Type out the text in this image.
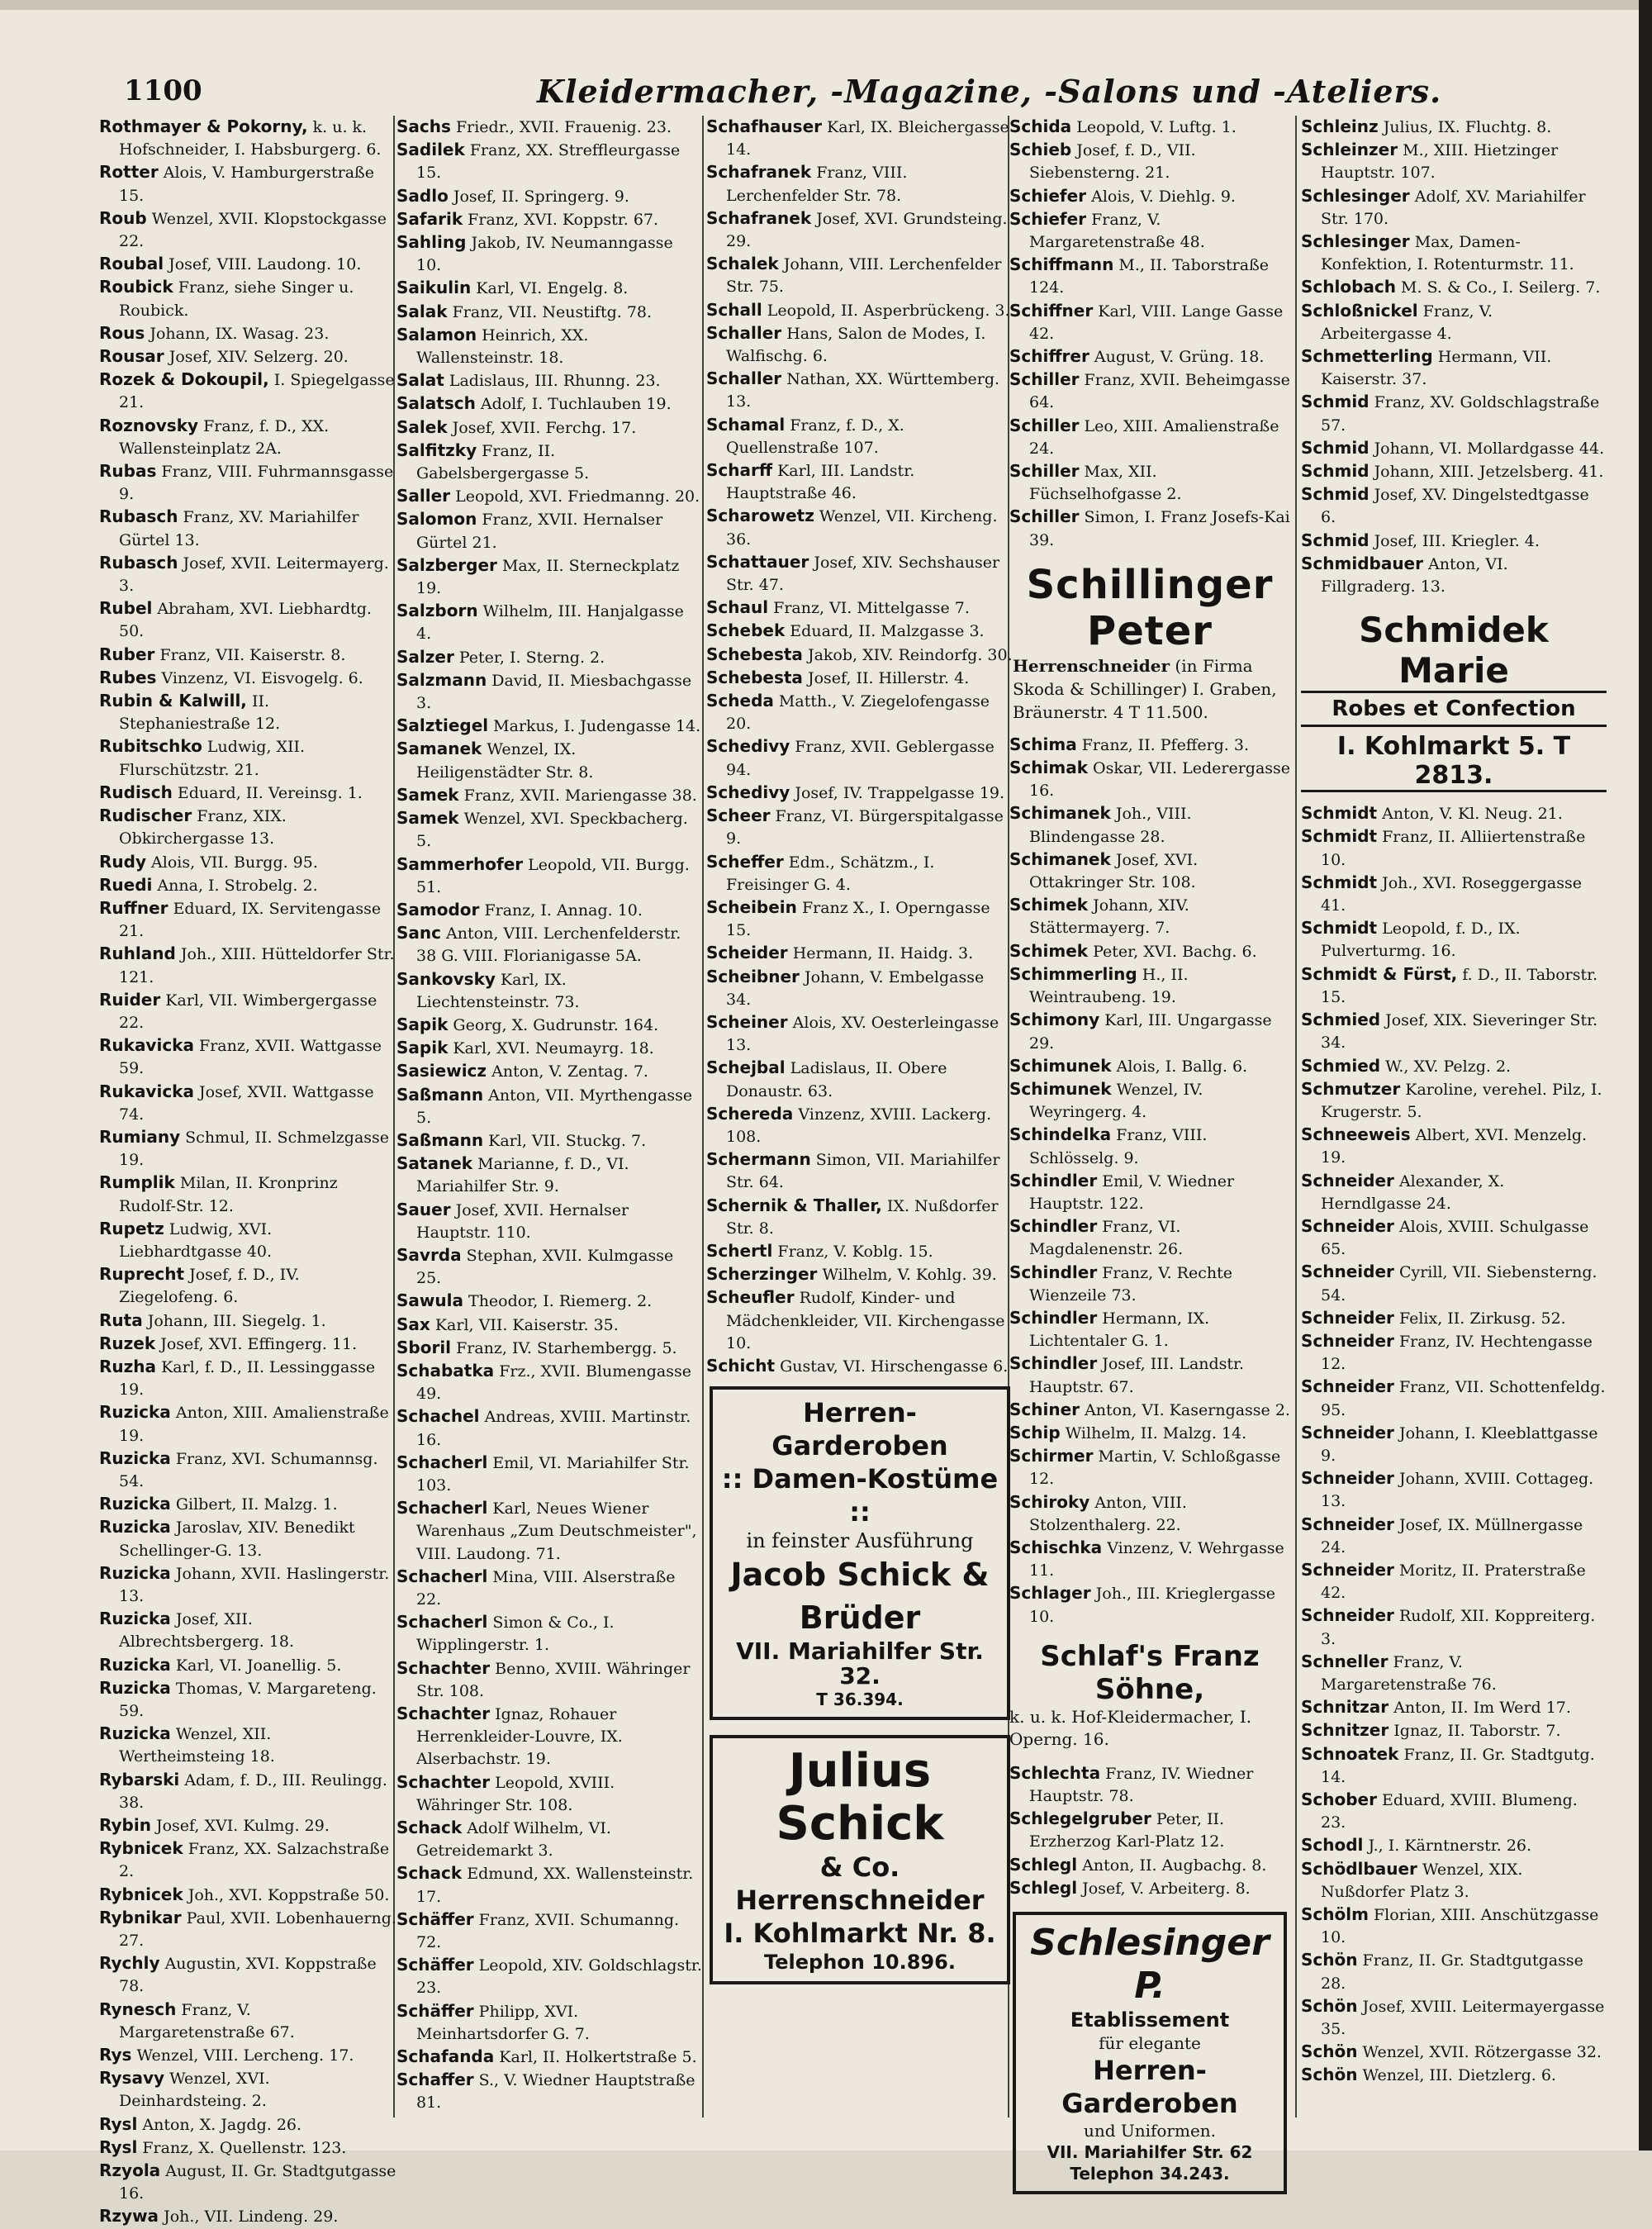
1100	Kleidermacher, -Magazine, -Salons und -Ateliers.
Rothmayer & Pokorny, k. u. k. Hofschneider, I. Habsburgerg. 6.
Rotter Alois, V. Hamburgerstraße 15.
Roub Wenzel, XVII. Klopstockgasse 22.
Roubal Josef, VIII. Laudong. 10.
Roubick Franz, siehe Singer u. Roubick.
Rous Johann, IX. Wasag. 23.
Rousar Josef, XIV. Selzerg. 20.
Rozek & Dokoupil, I. Spiegelgasse 21.
Roznovsky Franz, f. D., XX. Wallensteinplatz 2A.
Rubas Franz, VIII. Fuhrmannsgasse 9.
Rubasch Franz, XV. Mariahilfer Gürtel 13.
Rubasch Josef, XVII. Leitermayerg. 3.
Rubel Abraham, XVI. Liebhardtg. 50.
Ruber Franz, VII. Kaiserstr. 8.
Rubes Vinzenz, VI. Eisvogelg. 6.
Rubin & Kalwill, II. Stephaniestraße 12.
Rubitschko Ludwig, XII. Flurschützstr. 21.
Rudisch Eduard, II. Vereinsg. 1.
Rudischer Franz, XIX. Obkirchergasse 13.
Rudy Alois, VII. Burgg. 95.
Ruedi Anna, I. Strobelg. 2.
Ruffner Eduard, IX. Servitengasse 21.
Ruhland Joh., XIII. Hütteldorfer Str. 121.
Ruider Karl, VII. Wimbergergasse 22.
Rukavicka Franz, XVII. Wattgasse 59.
Rukavicka Josef, XVII. Wattgasse 74.
Rumiany Schmul, II. Schmelzgasse 19.
Rumplik Milan, II. Kronprinz Rudolf-Str. 12.
Rupetz Ludwig, XVI. Liebhardtgasse 40.
Ruprecht Josef, f. D., IV. Ziegelofeng. 6.
Ruta Johann, III. Siegelg. 1.
Ruzek Josef, XVI. Effingerg. 11.
Ruzha Karl, f. D., II. Lessinggasse 19.
Ruzicka Anton, XIII. Amalienstraße 19.
Ruzicka Franz, XVI. Schumannsg. 54.
Ruzicka Gilbert, II. Malzg. 1.
Ruzicka Jaroslav, XIV. Benedikt Schellinger-G. 13.
Ruzicka Johann, XVII. Haslingerstr. 13.
Ruzicka Josef, XII. Albrechtsbergerg. 18.
Ruzicka Karl, VI. Joanellig. 5.
Ruzicka Thomas, V. Margareteng. 59.
Ruzicka Wenzel, XII. Wertheimsteing 18.
Rybarski Adam, f. D., III. Reulingg. 38.
Rybin Josef, XVI. Kulmg. 29.
Rybnicek Franz, XX. Salzachstraße 2.
Rybnicek Joh., XVI. Koppstraße 50.
Rybnikar Paul, XVII. Lobenhauerng. 27.
Rychly Augustin, XVI. Koppstraße 78.
Rynesch Franz, V. Margaretenstraße 67.
Rys Wenzel, VIII. Lercheng. 17.
Rysavy Wenzel, XVI. Deinhardsteing. 2.
Rysl Anton, X. Jagdg. 26.
Rysl Franz, X. Quellenstr. 123.
Rzyola August, II. Gr. Stadtgutgasse 16.
Rzywa Joh., VII. Lindeng. 29.
Sachs Friedr., XVII. Frauenig. 23.
Sadilek Franz, XX. Streffleurgasse 15.
Sadlo Josef, II. Springerg. 9.
Safarik Franz, XVI. Koppstr. 67.
Sahling Jakob, IV. Neumanngasse 10.
Saikulin Karl, VI. Engelg. 8.
Salak Franz, VII. Neustiftg. 78.
Salamon Heinrich, XX. Wallensteinstr. 18.
Salat Ladislaus, III. Rhunng. 23.
Salatsch Adolf, I. Tuchlauben 19.
Salek Josef, XVII. Ferchg. 17.
Salfitzky Franz, II. Gabelsbergergasse 5.
Saller Leopold, XVI. Friedmanng. 20.
Salomon Franz, XVII. Hernalser Gürtel 21.
Salzberger Max, II. Sterneckplatz 19.
Salzborn Wilhelm, III. Hanjalgasse 4.
Salzer Peter, I. Sterng. 2.
Salzmann David, II. Miesbachgasse 3.
Salztiegel Markus, I. Judengasse 14.
Samanek Wenzel, IX. Heiligenstädter Str. 8.
Samek Franz, XVII. Mariengasse 38.
Samek Wenzel, XVI. Speckbacherg. 5.
Sammerhofer Leopold, VII. Burgg. 51.
Samodor Franz, I. Annag. 10.
Sanc Anton, VIII. Lerchenfelderstr. 38 G. VIII. Florianigasse 5A.
Sankovsky Karl, IX. Liechtensteinstr. 73.
Sapik Georg, X. Gudrunstr. 164.
Sapik Karl, XVI. Neumayrg. 18.
Sasiewicz Anton, V. Zentag. 7.
Saßmann Anton, VII. Myrthengasse 5.
Saßmann Karl, VII. Stuckg. 7.
Satanek Marianne, f. D., VI. Mariahilfer Str. 9.
Sauer Josef, XVII. Hernalser Hauptstr. 110.
Savrda Stephan, XVII. Kulmgasse 25.
Sawula Theodor, I. Riemerg. 2.
Sax Karl, VII. Kaiserstr. 35.
Sboril Franz, IV. Starhembergg. 5.
Schabatka Frz., XVII. Blumengasse 49.
Schachel Andreas, XVIII. Martinstr. 16.
Schacherl Emil, VI. Mariahilfer Str. 103.
Schacherl Karl, Neues Wiener Warenhaus „Zum Deutschmeister", VIII. Laudong. 71.
Schacherl Mina, VIII. Alserstraße 22.
Schacherl Simon & Co., I. Wipplingerstr. 1.
Schachter Benno, XVIII. Währinger Str. 108.
Schachter Ignaz, Rohauer Herrenkleider-Louvre, IX. Alserbachstr. 19.
Schachter Leopold, XVIII. Währinger Str. 108.
Schack Adolf Wilhelm, VI. Getreidemarkt 3.
Schack Edmund, XX. Wallensteinstr. 17.
Schäffer Franz, XVII. Schumanng. 72.
Schäffer Leopold, XIV. Goldschlagstr. 23.
Schäffer Philipp, XVI. Meinhartsdorfer G. 7.
Schafanda Karl, II. Holkertstraße 5.
Schaffer S., V. Wiedner Hauptstraße 81.
Schafhauser Karl, IX. Bleichergasse 14.
Schafranek Franz, VIII. Lerchenfelder Str. 78.
Schafranek Josef, XVI. Grundsteing. 29.
Schalek Johann, VIII. Lerchenfelder Str. 75.
Schall Leopold, II. Asperbrückeng. 3.
Schaller Hans, Salon de Modes, I. Walfischg. 6.
Schaller Nathan, XX. Württemberg. 13.
Schamal Franz, f. D., X. Quellenstraße 107.
Scharff Karl, III. Landstr. Hauptstraße 46.
Scharowetz Wenzel, VII. Kircheng. 36.
Schattauer Josef, XIV. Sechshauser Str. 47.
Schaul Franz, VI. Mittelgasse 7.
Schebek Eduard, II. Malzgasse 3.
Schebesta Jakob, XIV. Reindorfg. 30.
Schebesta Josef, II. Hillerstr. 4.
Scheda Matth., V. Ziegelofengasse 20.
Schedivy Franz, XVII. Geblergasse 94.
Schedivy Josef, IV. Trappelgasse 19.
Scheer Franz, VI. Bürgerspitalgasse 9.
Scheffer Edm., Schätzm., I. Freisinger G. 4.
Scheibein Franz X., I. Operngasse 15.
Scheider Hermann, II. Haidg. 3.
Scheibner Johann, V. Embelgasse 34.
Scheiner Alois, XV. Oesterleingasse 13.
Schejbal Ladislaus, II. Obere Donaustr. 63.
Schereda Vinzenz, XVIII. Lackerg. 108.
Schermann Simon, VII. Mariahilfer Str. 64.
Schernik & Thaller, IX. Nußdorfer Str. 8.
Schertl Franz, V. Koblg. 15.
Scherzinger Wilhelm, V. Kohlg. 39.
Scheufler Rudolf, Kinder- und Mädchenkleider, VII. Kirchengasse 10.
Schicht Gustav, VI. Hirschengasse 6.
Herren-Garderoben
:: Damen-Kostüme ::
in feinster Ausführung
Jacob Schick & Brüder
VII. Mariahilfer Str. 32.
T 36.394.
Julius Schick
& Co.
Herrenschneider
I. Kohlmarkt Nr. 8.
Telephon 10.896.
Schida Leopold, V. Luftg. 1.
Schieb Josef, f. D., VII. Siebensterng. 21.
Schiefer Alois, V. Diehlg. 9.
Schiefer Franz, V. Margaretenstraße 48.
Schiffmann M., II. Taborstraße 124.
Schiffner Karl, VIII. Lange Gasse 42.
Schiffrer August, V. Grüng. 18.
Schiller Franz, XVII. Beheimgasse 64.
Schiller Leo, XIII. Amalienstraße 24.
Schiller Max, XII. Füchselhofgasse 2.
Schiller Simon, I. Franz Josefs-Kai 39.
Schillinger Peter
Herrenschneider (in Firma Skoda & Schillinger) I. Graben, Bräunerstr. 4 T 11.500.
Schima Franz, II. Pfefferg. 3.
Schimak Oskar, VII. Lederergasse 16.
Schimanek Joh., VIII. Blindengasse 28.
Schimanek Josef, XVI. Ottakringer Str. 108.
Schimek Johann, XIV. Stättermayerg. 7.
Schimek Peter, XVI. Bachg. 6.
Schimmerling H., II. Weintraubeng. 19.
Schimony Karl, III. Ungargasse 29.
Schimunek Alois, I. Ballg. 6.
Schimunek Wenzel, IV. Weyringerg. 4.
Schindelka Franz, VIII. Schlösselg. 9.
Schindler Emil, V. Wiedner Hauptstr. 122.
Schindler Franz, VI. Magdalenenstr. 26.
Schindler Franz, V. Rechte Wienzeile 73.
Schindler Hermann, IX. Lichtentaler G. 1.
Schindler Josef, III. Landstr. Hauptstr. 67.
Schiner Anton, VI. Kaserngasse 2.
Schip Wilhelm, II. Malzg. 14.
Schirmer Martin, V. Schloßgasse 12.
Schiroky Anton, VIII. Stolzenthalerg. 22.
Schischka Vinzenz, V. Wehrgasse 11.
Schlager Joh., III. Krieglergasse 10.
Schlaf's Franz Söhne,
k. u. k. Hof-Kleidermacher, I. Operng. 16.
Schlechta Franz, IV. Wiedner Hauptstr. 78.
Schlegelgruber Peter, II. Erzherzog Karl-Platz 12.
Schlegl Anton, II. Augbachg. 8.
Schlegl Josef, V. Arbeiterg. 8.
Schlesinger P.
Etablissement
für elegante
Herren-Garderoben
und Uniformen.
VII. Mariahilfer Str. 62
Telephon 34.243.
Schleinz Julius, IX. Fluchtg. 8.
Schleinzer M., XIII. Hietzinger Hauptstr. 107.
Schlesinger Adolf, XV. Mariahilfer Str. 170.
Schlesinger Max, Damen-Konfektion, I. Rotenturmstr. 11.
Schlobach M. S. & Co., I. Seilerg. 7.
Schloßnickel Franz, V. Arbeitergasse 4.
Schmetterling Hermann, VII. Kaiserstr. 37.
Schmid Franz, XV. Goldschlagstraße 57.
Schmid Johann, VI. Mollardgasse 44.
Schmid Johann, XIII. Jetzelsberg. 41.
Schmid Josef, XV. Dingelstedtgasse 6.
Schmid Josef, III. Kriegler. 4.
Schmidbauer Anton, VI. Fillgraderg. 13.
Schmidek Marie
Robes et Confection
I. Kohlmarkt 5. T 2813.
Schmidt Anton, V. Kl. Neug. 21.
Schmidt Franz, II. Alliiertenstraße 10.
Schmidt Joh., XVI. Roseggergasse 41.
Schmidt Leopold, f. D., IX. Pulverturmg. 16.
Schmidt & Fürst, f. D., II. Taborstr. 15.
Schmied Josef, XIX. Sieveringer Str. 34.
Schmied W., XV. Pelzg. 2.
Schmutzer Karoline, verehel. Pilz, I. Krugerstr. 5.
Schneeweis Albert, XVI. Menzelg. 19.
Schneider Alexander, X. Herndlgasse 24.
Schneider Alois, XVIII. Schulgasse 65.
Schneider Cyrill, VII. Siebensterng. 54.
Schneider Felix, II. Zirkusg. 52.
Schneider Franz, IV. Hechtengasse 12.
Schneider Franz, VII. Schottenfeldg. 95.
Schneider Johann, I. Kleeblattgasse 9.
Schneider Johann, XVIII. Cottageg. 13.
Schneider Josef, IX. Müllnergasse 24.
Schneider Moritz, II. Praterstraße 42.
Schneider Rudolf, XII. Koppreiterg. 3.
Schneller Franz, V. Margaretenstraße 76.
Schnitzar Anton, II. Im Werd 17.
Schnitzer Ignaz, II. Taborstr. 7.
Schnoatek Franz, II. Gr. Stadtgutg. 14.
Schober Eduard, XVIII. Blumeng. 23.
Schodl J., I. Kärntnerstr. 26.
Schödlbauer Wenzel, XIX. Nußdorfer Platz 3.
Schölm Florian, XIII. Anschützgasse 10.
Schön Franz, II. Gr. Stadtgutgasse 28.
Schön Josef, XVIII. Leitermayergasse 35.
Schön Wenzel, XVII. Rötzergasse 32.
Schön Wenzel, III. Dietzlerg. 6.
